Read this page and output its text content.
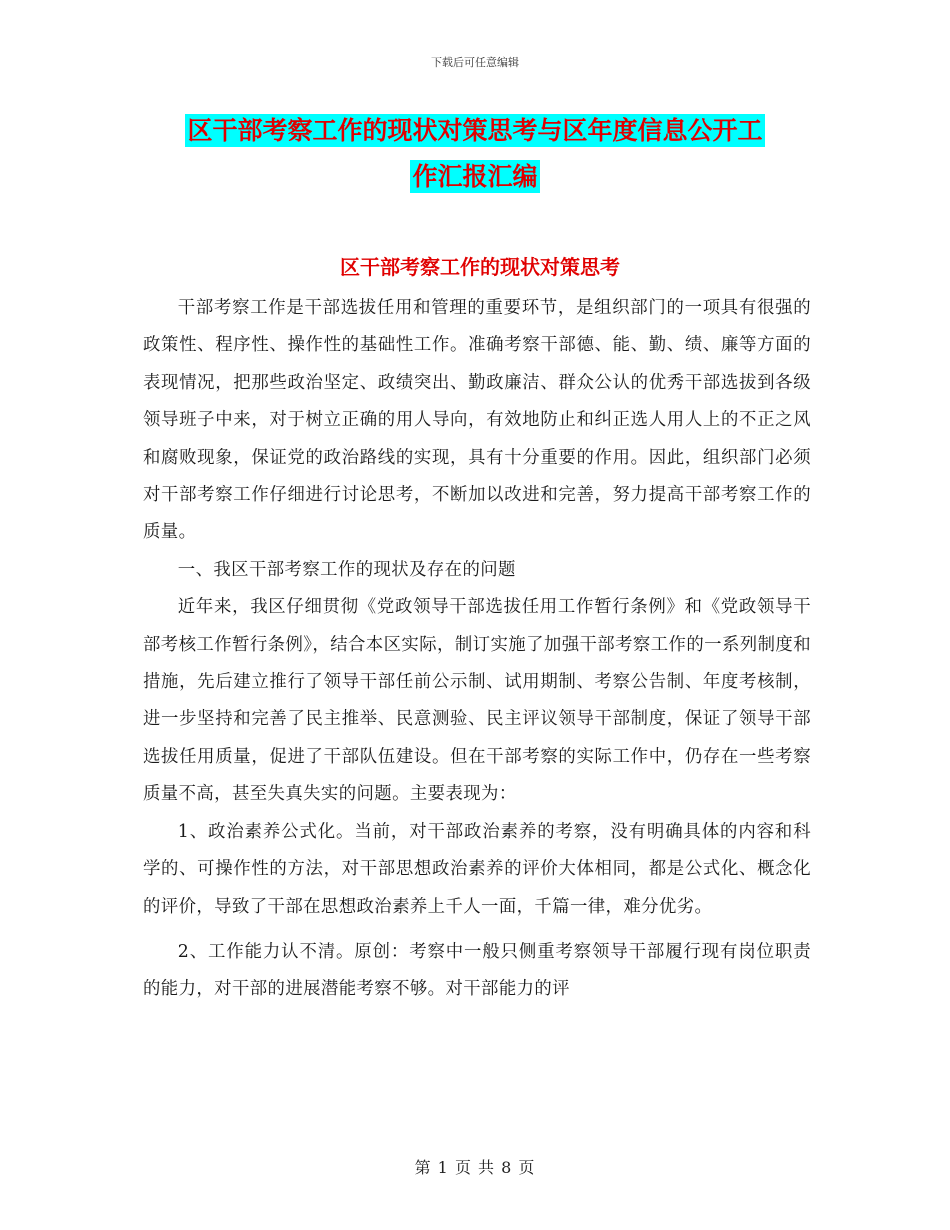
下载后可任意编辑
区干部考察工作的现状对策思考与区年度信息公开工
作汇报汇编
区干部考察工作的现状对策思考

干部考察工作是干部选拔任用和管理的重要环节，是组织部门的一项具有很强的政策性、程序性、操作性的基础性工作。准确考察干部德、能、勤、绩、廉等方面的表现情况，把那些政治坚定、政绩突出、勤政廉洁、群众公认的优秀干部选拔到各级领导班子中来，对于树立正确的用人导向，有效地防止和纠正选人用人上的不正之风和腐败现象，保证党的政治路线的实现，具有十分重要的作用。因此，组织部门必须对干部考察工作仔细进行讨论思考，不断加以改进和完善，努力提高干部考察工作的质量。

一、我区干部考察工作的现状及存在的问题

近年来，我区仔细贯彻《党政领导干部选拔任用工作暂行条例》和《党政领导干部考核工作暂行条例》，结合本区实际，制订实施了加强干部考察工作的一系列制度和措施，先后建立推行了领导干部任前公示制、试用期制、考察公告制、年度考核制，进一步坚持和完善了民主推举、民意测验、民主评议领导干部制度，保证了领导干部选拔任用质量，促进了干部队伍建设。但在干部考察的实际工作中，仍存在一些考察质量不高，甚至失真失实的问题。主要表现为：

1、政治素养公式化。当前，对干部政治素养的考察，没有明确具体的内容和科学的、可操作性的方法，对干部思想政治素养的评价大体相同，都是公式化、概念化的评价，导致了干部在思想政治素养上千人一面，千篇一律，难分优劣。

2、工作能力认不清。原创：考察中一般只侧重考察领导干部履行现有岗位职责的能力，对干部的进展潜能考察不够。对干部能力的评

第 1 页 共 8 页
